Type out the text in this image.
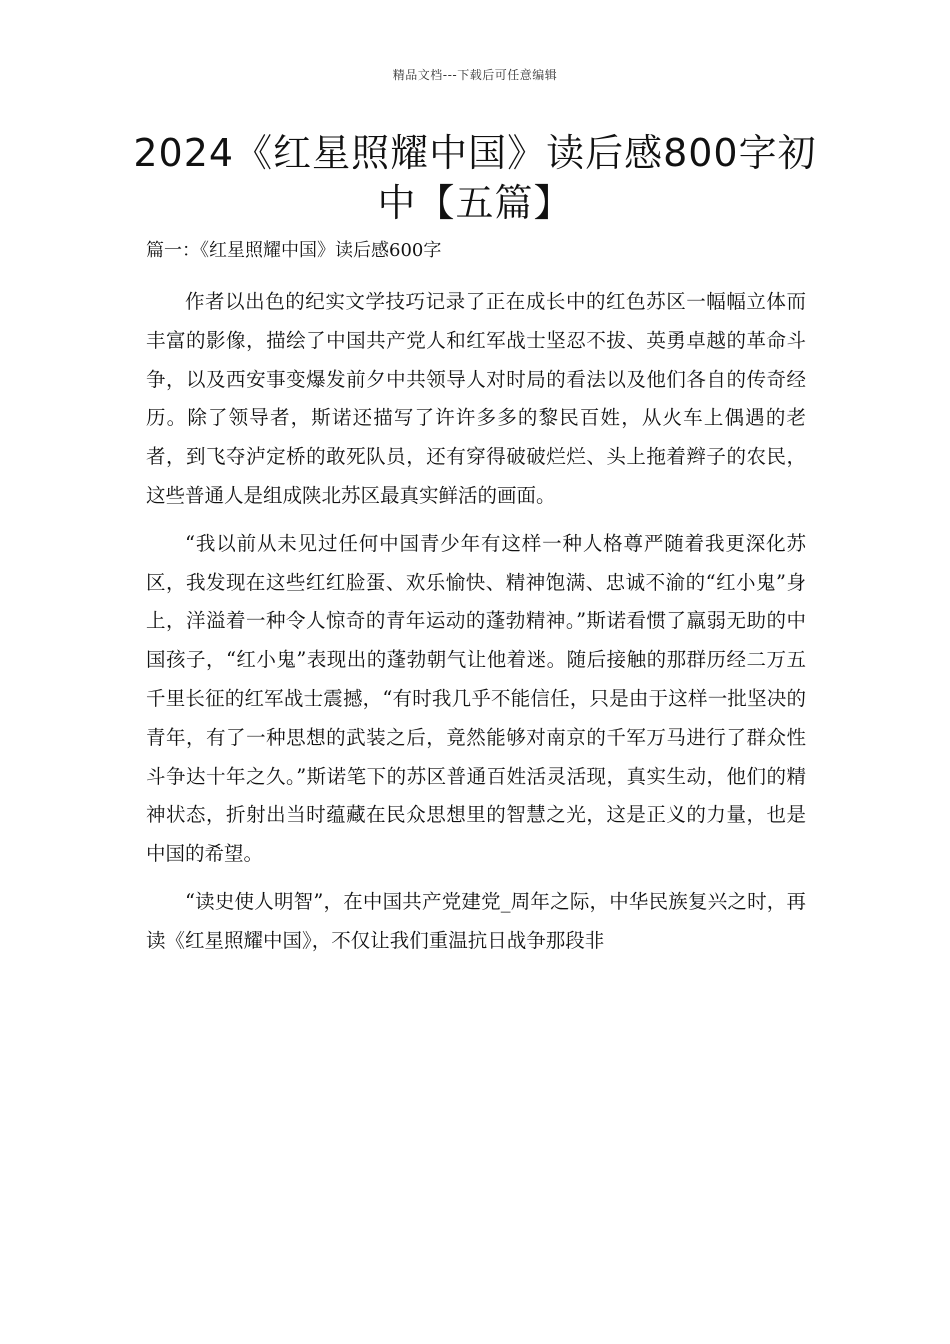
精品文档---下载后可任意编辑
2024《红星照耀中国》读后感800字初中【五篇】
篇一：《红星照耀中国》读后感600字

作者以出色的纪实文学技巧记录了正在成长中的红色苏区一幅幅立体而丰富的影像，描绘了中国共产党人和红军战士坚忍不拔、英勇卓越的革命斗争，以及西安事变爆发前夕中共领导人对时局的看法以及他们各自的传奇经历。除了领导者，斯诺还描写了许许多多的黎民百姓，从火车上偶遇的老者，到飞夺泸定桥的敢死队员，还有穿得破破烂烂、头上拖着辫子的农民，这些普通人是组成陕北苏区最真实鲜活的画面。

“我以前从未见过任何中国青少年有这样一种人格尊严随着我更深化苏区，我发现在这些红红脸蛋、欢乐愉快、精神饱满、忠诚不渝的“红小鬼”身上，洋溢着一种令人惊奇的青年运动的蓬勃精神。”斯诺看惯了羸弱无助的中国孩子，“红小鬼”表现出的蓬勃朝气让他着迷。随后接触的那群历经二万五千里长征的红军战士震撼，“有时我几乎不能信任，只是由于这样一批坚决的青年，有了一种思想的武装之后，竟然能够对南京的千军万马进行了群众性斗争达十年之久。”斯诺笔下的苏区普通百姓活灵活现，真实生动，他们的精神状态，折射出当时蕴藏在民众思想里的智慧之光，这是正义的力量，也是中国的希望。

“读史使人明智”，在中国共产党建党_周年之际，中华民族复兴之时，再读《红星照耀中国》，不仅让我们重温抗日战争那段非
